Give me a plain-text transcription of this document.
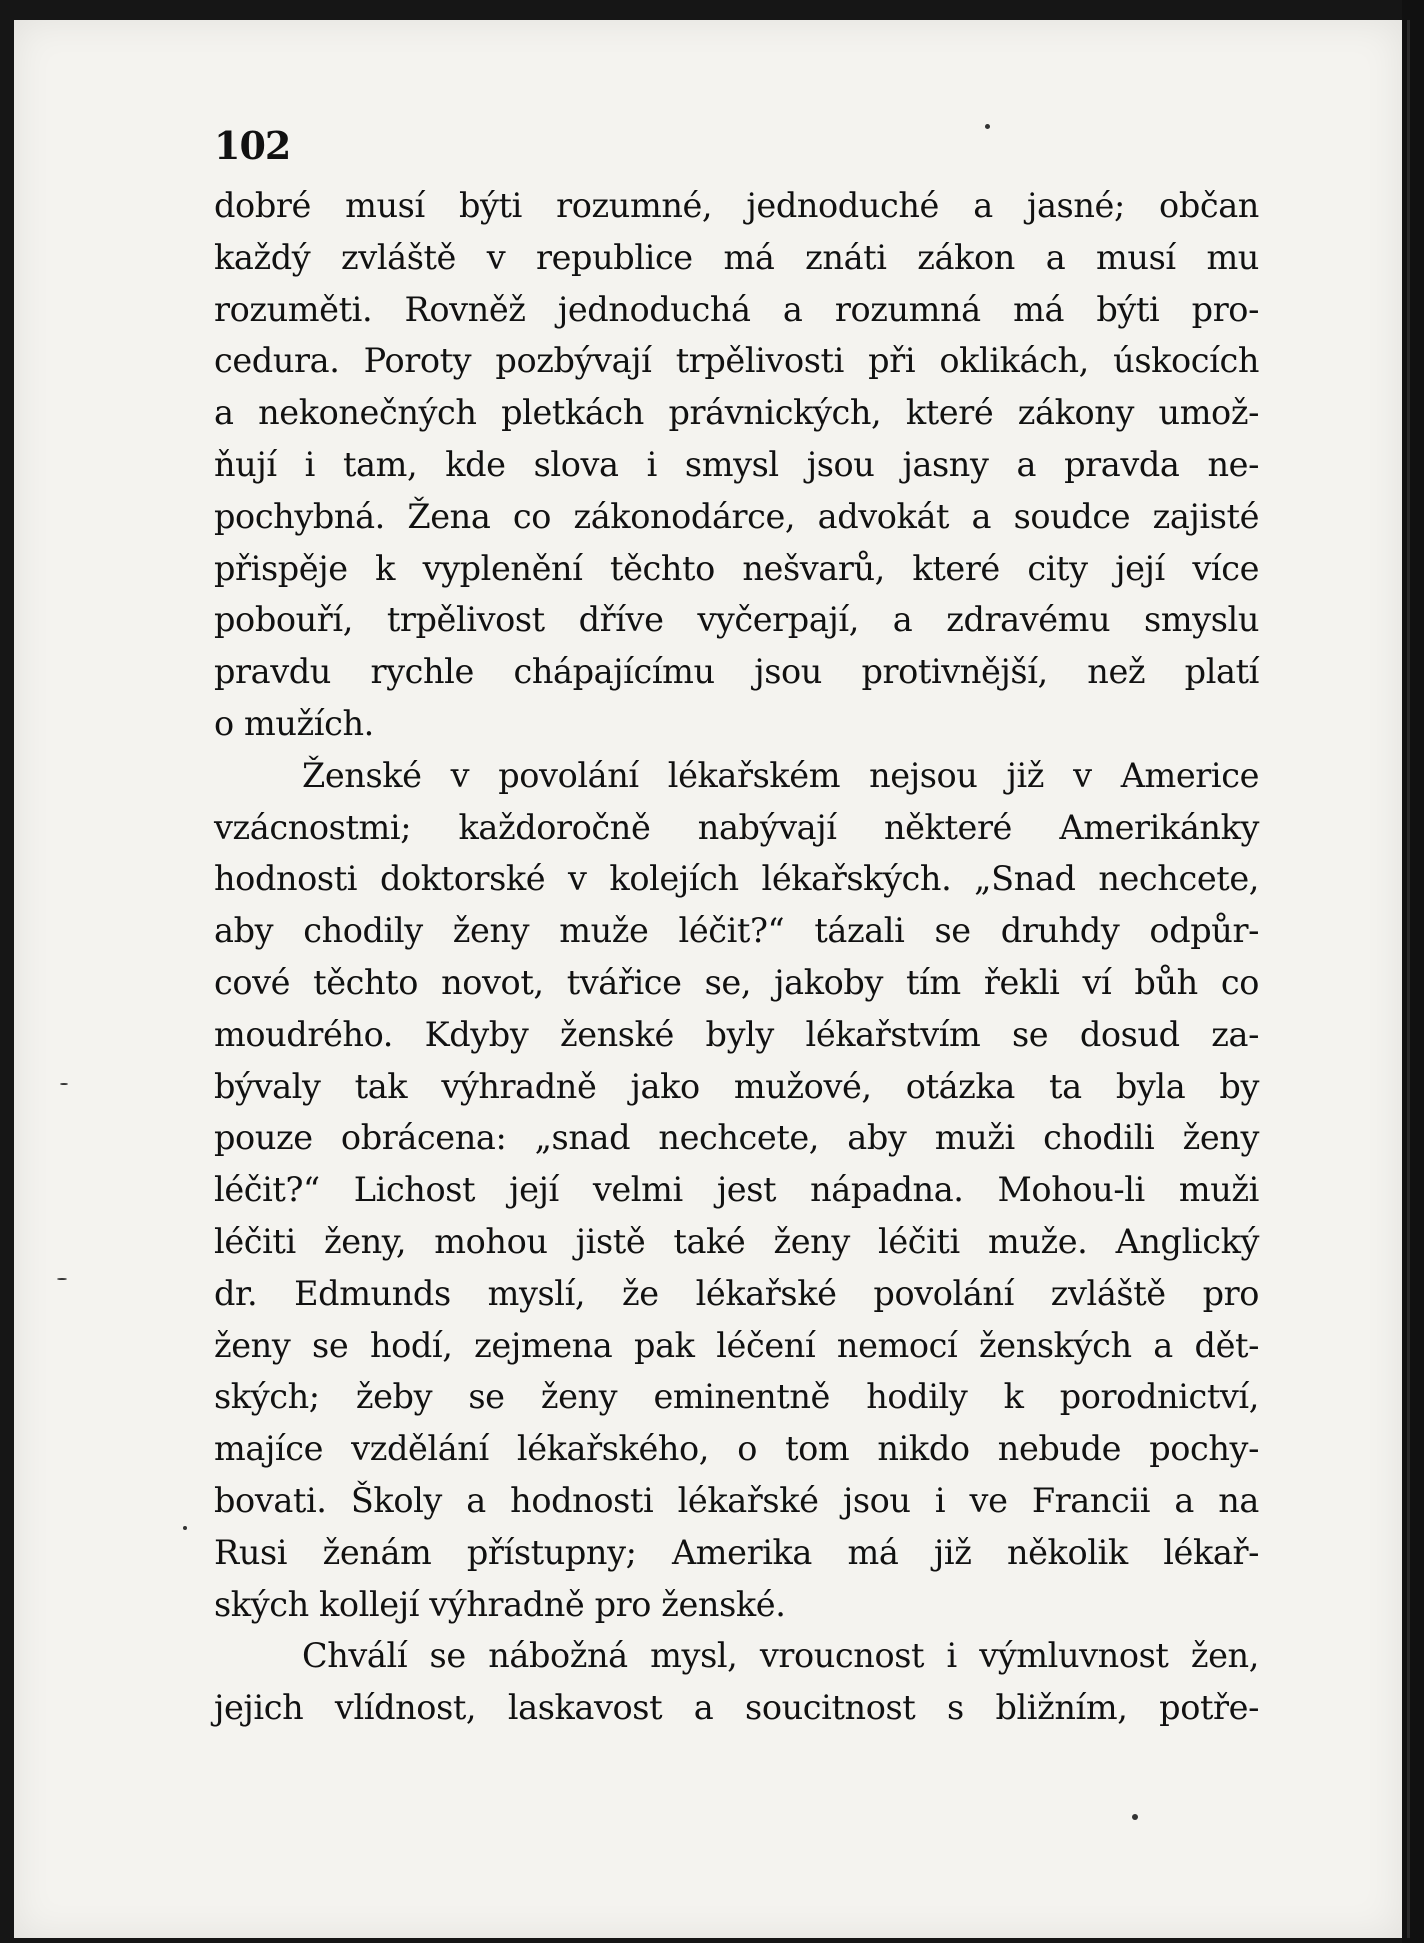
102
dobré musí býti rozumné, jednoduché a jasné; občan
každý zvláště v republice má znáti zákon a musí mu
rozuměti. Rovněž jednoduchá a rozumná má býti pro-
cedura. Poroty pozbývají trpělivosti při oklikách, úskocích
a nekonečných pletkách právnických, které zákony umož-
ňují i tam, kde slova i smysl jsou jasny a pravda ne-
pochybná. Žena co zákonodárce, advokát a soudce zajisté
přispěje k vyplenění těchto nešvarů, které city její více
pobouří, trpělivost dříve vyčerpají, a zdravému smyslu
pravdu rychle chápajícímu jsou protivnější, než platí
o mužích.
Ženské v povolání lékařském nejsou již v Americe
vzácnostmi; každoročně nabývají některé Amerikánky
hodnosti doktorské v kolejích lékařských. „Snad nechcete,
aby chodily ženy muže léčit?“ tázali se druhdy odpůr-
cové těchto novot, tvářice se, jakoby tím řekli ví bůh co
moudrého. Kdyby ženské byly lékařstvím se dosud za-
bývaly tak výhradně jako mužové, otázka ta byla by
pouze obrácena: „snad nechcete, aby muži chodili ženy
léčit?“ Lichost její velmi jest nápadna. Mohou-li muži
léčiti ženy, mohou jistě také ženy léčiti muže. Anglický
dr. Edmunds myslí, že lékařské povolání zvláště pro
ženy se hodí, zejmena pak léčení nemocí ženských a dět-
ských; žeby se ženy eminentně hodily k porodnictví,
majíce vzdělání lékařského, o tom nikdo nebude pochy-
bovati. Školy a hodnosti lékařské jsou i ve Francii a na
Rusi ženám přístupny; Amerika má již několik lékař-
ských kollejí výhradně pro ženské.
Chválí se nábožná mysl, vroucnost i výmluvnost žen,
jejich vlídnost, laskavost a soucitnost s bližním, potře-
